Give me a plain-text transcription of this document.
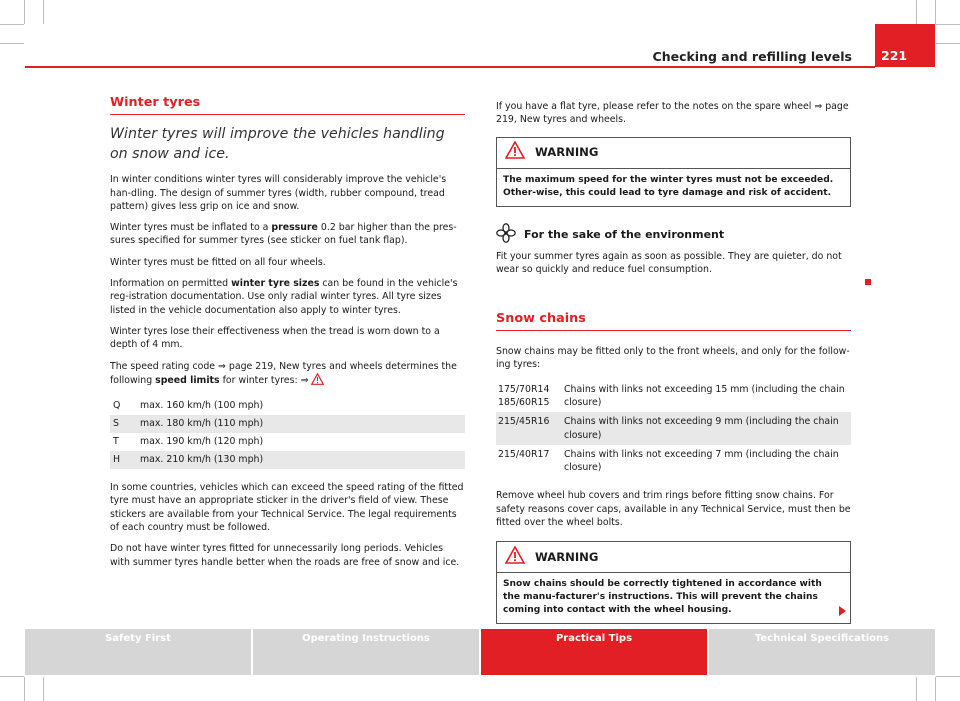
Checking and refilling levels	221
Winter tyres
Winter tyres will improve the vehicles handling on snow and ice.

In winter conditions winter tyres will considerably improve the vehicle's han-dling. The design of summer tyres (width, rubber compound, tread pattern) gives less grip on ice and snow.

Winter tyres must be inflated to a pressure 0.2 bar higher than the pres-sures specified for summer tyres (see sticker on fuel tank flap).

Winter tyres must be fitted on all four wheels.

Information on permitted winter tyre sizes can be found in the vehicle's reg-istration documentation. Use only radial winter tyres. All tyre sizes listed in the vehicle documentation also apply to winter tyres.

Winter tyres lose their effectiveness when the tread is worn down to a depth of 4 mm.

The speed rating code ⇒ page 219, New tyres and wheels determines the following speed limits for winter tyres: ⇒

Q	max. 160 km/h (100 mph)
S	max. 180 km/h (110 mph)
T	max. 190 km/h (120 mph)
H	max. 210 km/h (130 mph)

In some countries, vehicles which can exceed the speed rating of the fitted tyre must have an appropriate sticker in the driver's field of view. These stickers are available from your Technical Service. The legal requirements of each country must be followed.

Do not have winter tyres fitted for unnecessarily long periods. Vehicles with summer tyres handle better when the roads are free of snow and ice.

If you have a flat tyre, please refer to the notes on the spare wheel ⇒ page 219, New tyres and wheels.

WARNING
The maximum speed for the winter tyres must not be exceeded. Other-wise, this could lead to tyre damage and risk of accident.
For the sake of the environment

Fit your summer tyres again as soon as possible. They are quieter, do not wear so quickly and reduce fuel consumption.

Snow chains

Snow chains may be fitted only to the front wheels, and only for the follow-ing tyres:

175/70R14
185/60R15	Chains with links not exceeding 15 mm (including the chain closure)
215/45R16	Chains with links not exceeding 9 mm (including the chain closure)
215/40R17	Chains with links not exceeding 7 mm (including the chain closure)

Remove wheel hub covers and trim rings before fitting snow chains. For safety reasons cover caps, available in any Technical Service, must then be fitted over the wheel bolts.

WARNING
Snow chains should be correctly tightened in accordance with the manu-facturer's instructions. This will prevent the chains coming into contact with the wheel housing.
Safety First	Operating Instructions	Practical Tips	Technical Specifications
